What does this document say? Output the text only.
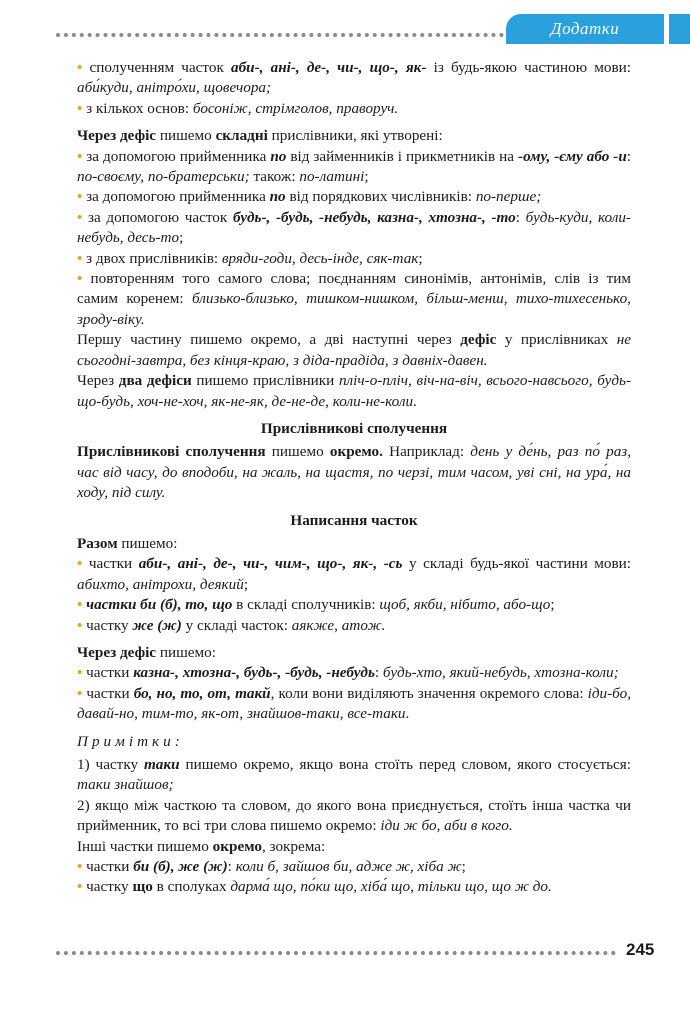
Додатки

• сполученням часток аби-, ані-, де-, чи-, що-, як- із будь-якою частиною мови: аби́куди, анітро́хи, щовечора;

• з кількох основ: босоніж, стрімголов, праворуч.

Через дефіс пишемо складні прислівники, які утворені:

• за допомогою прийменника по від займенників і прикметників на -ому, -єму або -и: по-своєму, по-братерськи; також: по-латині;

• за допомогою прийменника по від порядкових числівників: по-перше;

• за допомогою часток будь-, -будь, -небудь, казна-, хтозна-, -то: будь-куди, коли-небудь, десь-то;

• з двох прислівників: вряди-годи, десь-інде, сяк-так;

• повторенням того самого слова; поєднанням синонімів, антонімів, слів із тим самим коренем: близько-близько, тишком-нишком, більш-менш, тихо-тихесенько, зроду-віку.

Першу частину пишемо окремо, а дві наступні через дефіс у прислівниках не сьогодні-завтра, без кінця-краю, з діда-прадіда, з давніх-давен.

Через два дефіси пишемо прислівники пліч-о-пліч, віч-на-віч, всього-навсього, будь-що-будь, хоч-не-хоч, як-не-як, де-не-де, коли-не-коли.

Прислівникові сполучення

Прислівникові сполучення пишемо окремо. Наприклад: день у де́нь, раз по́ раз, час від часу, до вподоби, на жаль, на щастя, по черзі, тим часом, уві сні, на ура́, на ходу, під силу.

Написання часток

Разом пишемо:

• частки аби-, ані-, де-, чи-, чим-, що-, як-, -сь у складі будь-якої частини мови: абихто, анітрохи, деякий;

• частки би (б), то, що в складі сполучників: щоб, якби, нібито, або-що;

• частку же (ж) у складі часток: аякже, атож.

Через дефіс пишемо:

• частки казна-, хтозна-, будь-, -будь, -небудь: будь-хто, який-небудь, хтозна-коли;

• частки бо, но, то, от, такй, коли вони виділяють значення окремого слова: іди-бо, давай-но, тим-то, як-от, знайшов-таки, все-таки.

Примітки:

1) частку таки пишемо окремо, якщо вона стоїть перед словом, якого стосується: таки знайшов;

2) якщо між часткою та словом, до якого вона приєднується, стоїть інша частка чи прийменник, то всі три слова пишемо окремо: іди ж бо, аби в кого.

Інші частки пишемо окремо, зокрема:

• частки би (б), же (ж): коли б, зайшов би, адже ж, хіба ж;

• частку що в сполуках дарма́ що, по́ки що, хіба́ що, тільки що, що ж до.

245
